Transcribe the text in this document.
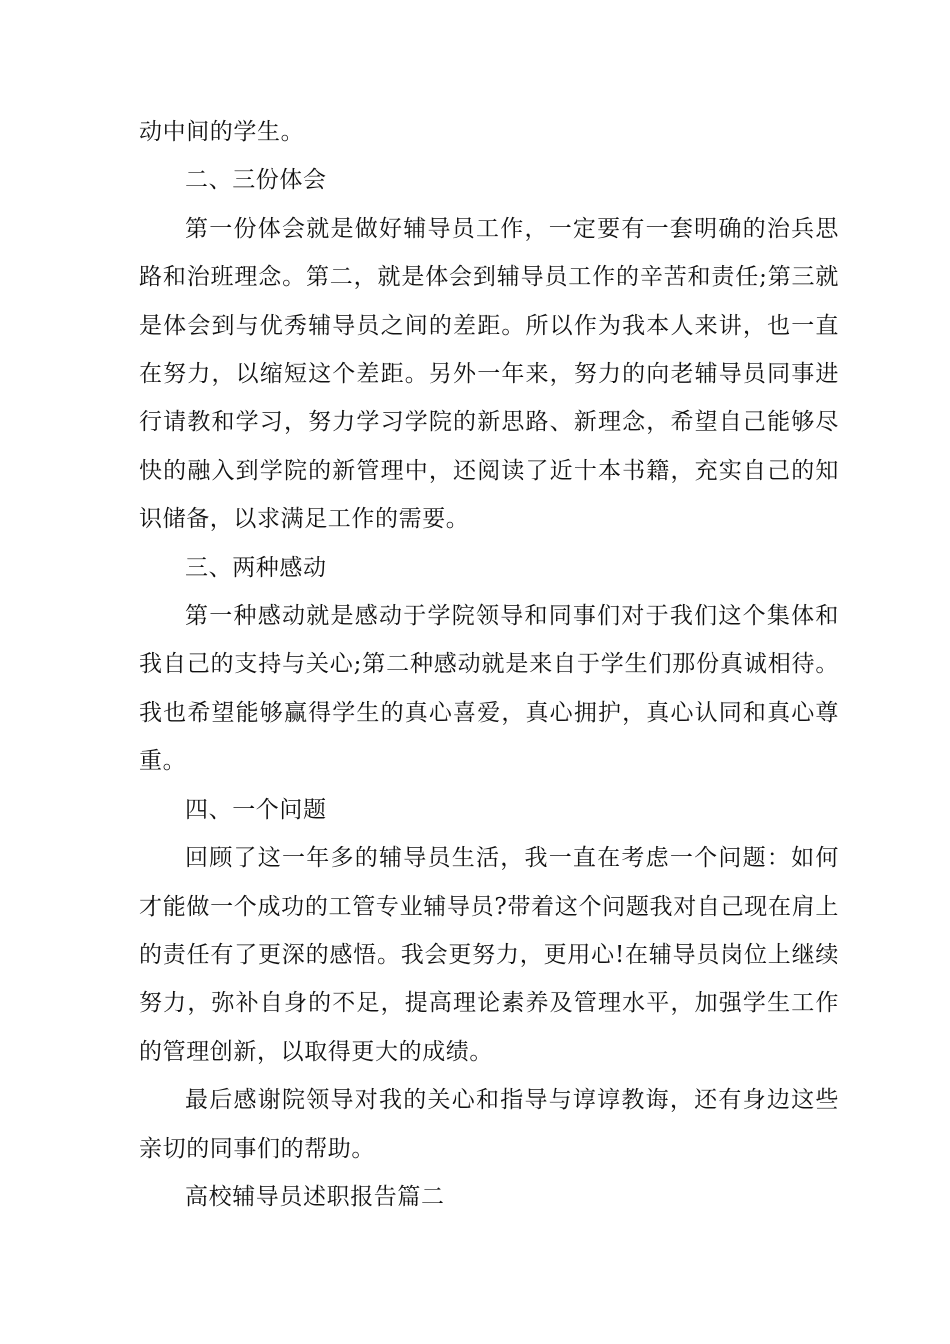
动中间的学生。

二、三份体会

第一份体会就是做好辅导员工作，一定要有一套明确的治兵思路和治班理念。第二，就是体会到辅导员工作的辛苦和责任;第三就是体会到与优秀辅导员之间的差距。所以作为我本人来讲，也一直在努力，以缩短这个差距。另外一年来，努力的向老辅导员同事进行请教和学习，努力学习学院的新思路、新理念，希望自己能够尽快的融入到学院的新管理中，还阅读了近十本书籍，充实自己的知识储备，以求满足工作的需要。

三、两种感动

第一种感动就是感动于学院领导和同事们对于我们这个集体和我自己的支持与关心;第二种感动就是来自于学生们那份真诚相待。我也希望能够赢得学生的真心喜爱，真心拥护，真心认同和真心尊重。

四、一个问题

回顾了这一年多的辅导员生活，我一直在考虑一个问题：如何才能做一个成功的工管专业辅导员?带着这个问题我对自己现在肩上的责任有了更深的感悟。我会更努力，更用心!在辅导员岗位上继续努力，弥补自身的不足，提高理论素养及管理水平，加强学生工作的管理创新，以取得更大的成绩。

最后感谢院领导对我的关心和指导与谆谆教诲，还有身边这些亲切的同事们的帮助。

高校辅导员述职报告篇二
